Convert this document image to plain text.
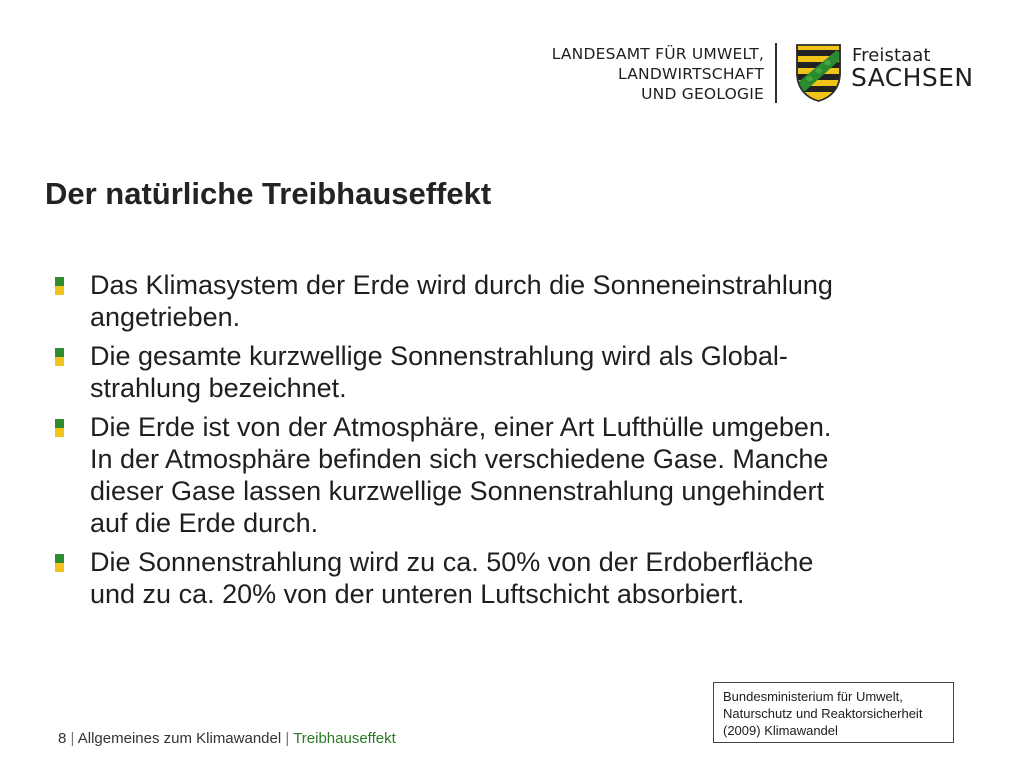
LANDESAMT FÜR UMWELT,
LANDWIRTSCHAFT
UND GEOLOGIE
Freistaat
SACHSEN
Der natürliche Treibhauseffekt
Das Klimasystem der Erde wird durch die Sonneneinstrahlung
angetrieben.
Die gesamte kurzwellige Sonnenstrahlung wird als Global-
strahlung bezeichnet.
Die Erde ist von der Atmosphäre, einer Art Lufthülle umgeben.
In der Atmosphäre befinden sich verschiedene Gase. Manche
dieser Gase lassen kurzwellige Sonnenstrahlung ungehindert
auf die Erde durch.
Die Sonnenstrahlung wird zu ca. 50% von der Erdoberfläche
und zu ca. 20% von der unteren Luftschicht absorbiert.
Bundesministerium für Umwelt,
Naturschutz und Reaktorsicherheit
(2009) Klimawandel
8 | Allgemeines zum Klimawandel | Treibhauseffekt
